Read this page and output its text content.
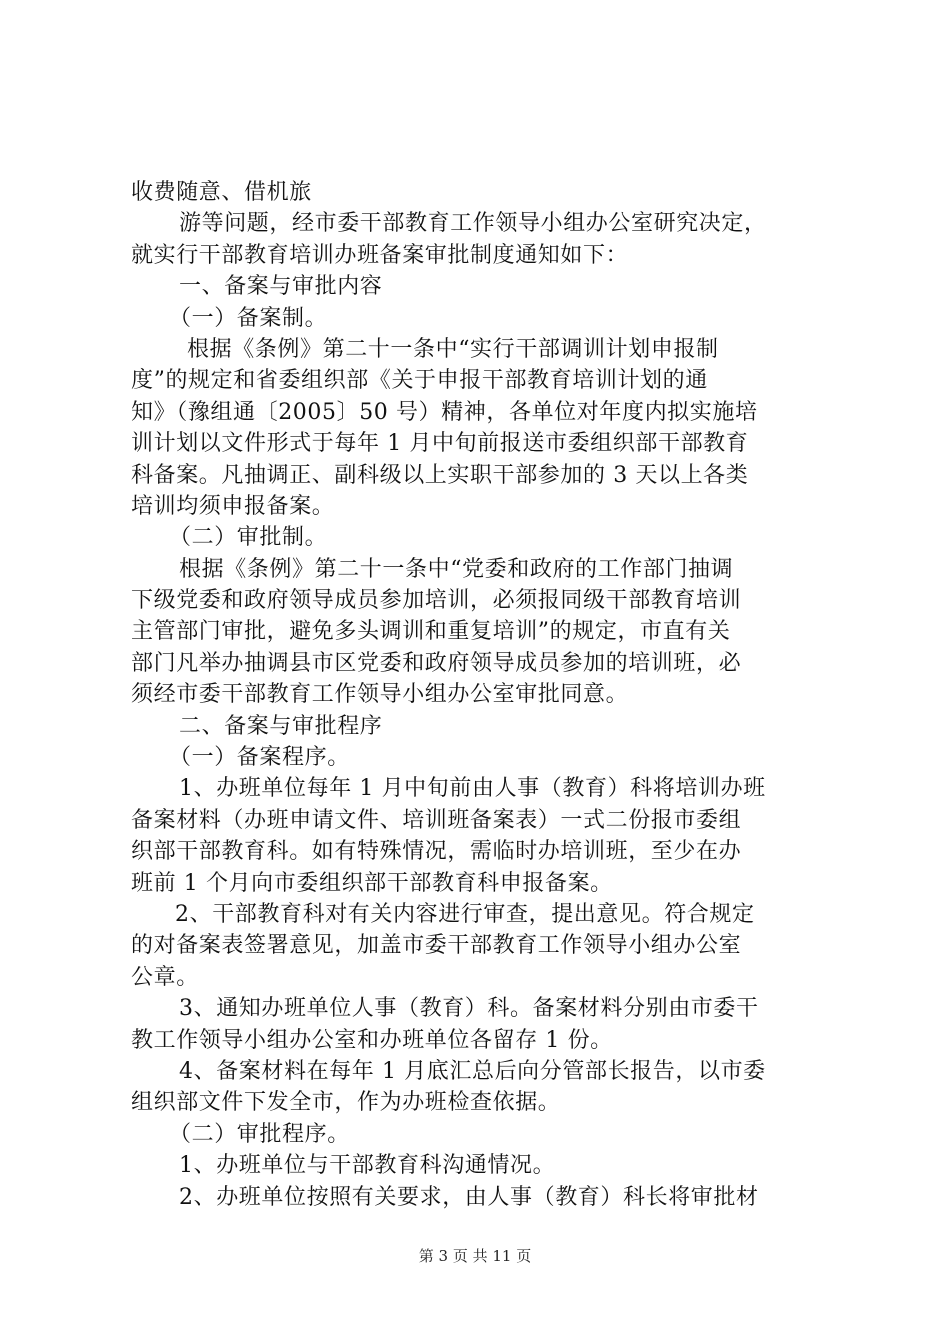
收费随意、借机旅
游等问题，经市委干部教育工作领导小组办公室研究决定，
就实行干部教育培训办班备案审批制度通知如下：
一、备案与审批内容
（一）备案制。
根据《条例》第二十一条中“实行干部调训计划申报制
度”的规定和省委组织部《关于申报干部教育培训计划的通
知》（豫组通〔2005〕50 号）精神，各单位对年度内拟实施培
训计划以文件形式于每年 1 月中旬前报送市委组织部干部教育
科备案。凡抽调正、副科级以上实职干部参加的 3 天以上各类
培训均须申报备案。
（二）审批制。
根据《条例》第二十一条中“党委和政府的工作部门抽调
下级党委和政府领导成员参加培训，必须报同级干部教育培训
主管部门审批，避免多头调训和重复培训”的规定，市直有关
部门凡举办抽调县市区党委和政府领导成员参加的培训班，必
须经市委干部教育工作领导小组办公室审批同意。
二、备案与审批程序
（一）备案程序。
1、办班单位每年 1 月中旬前由人事（教育）科将培训办班
备案材料（办班申请文件、培训班备案表）一式二份报市委组
织部干部教育科。如有特殊情况，需临时办培训班，至少在办
班前 1 个月向市委组织部干部教育科申报备案。
2、干部教育科对有关内容进行审查，提出意见。符合规定
的对备案表签署意见，加盖市委干部教育工作领导小组办公室
公章。
3、通知办班单位人事（教育）科。备案材料分别由市委干
教工作领导小组办公室和办班单位各留存 1 份。
4、备案材料在每年 1 月底汇总后向分管部长报告，以市委
组织部文件下发全市，作为办班检查依据。
（二）审批程序。
1、办班单位与干部教育科沟通情况。
2、办班单位按照有关要求，由人事（教育）科长将审批材
第 3 页 共 11 页
